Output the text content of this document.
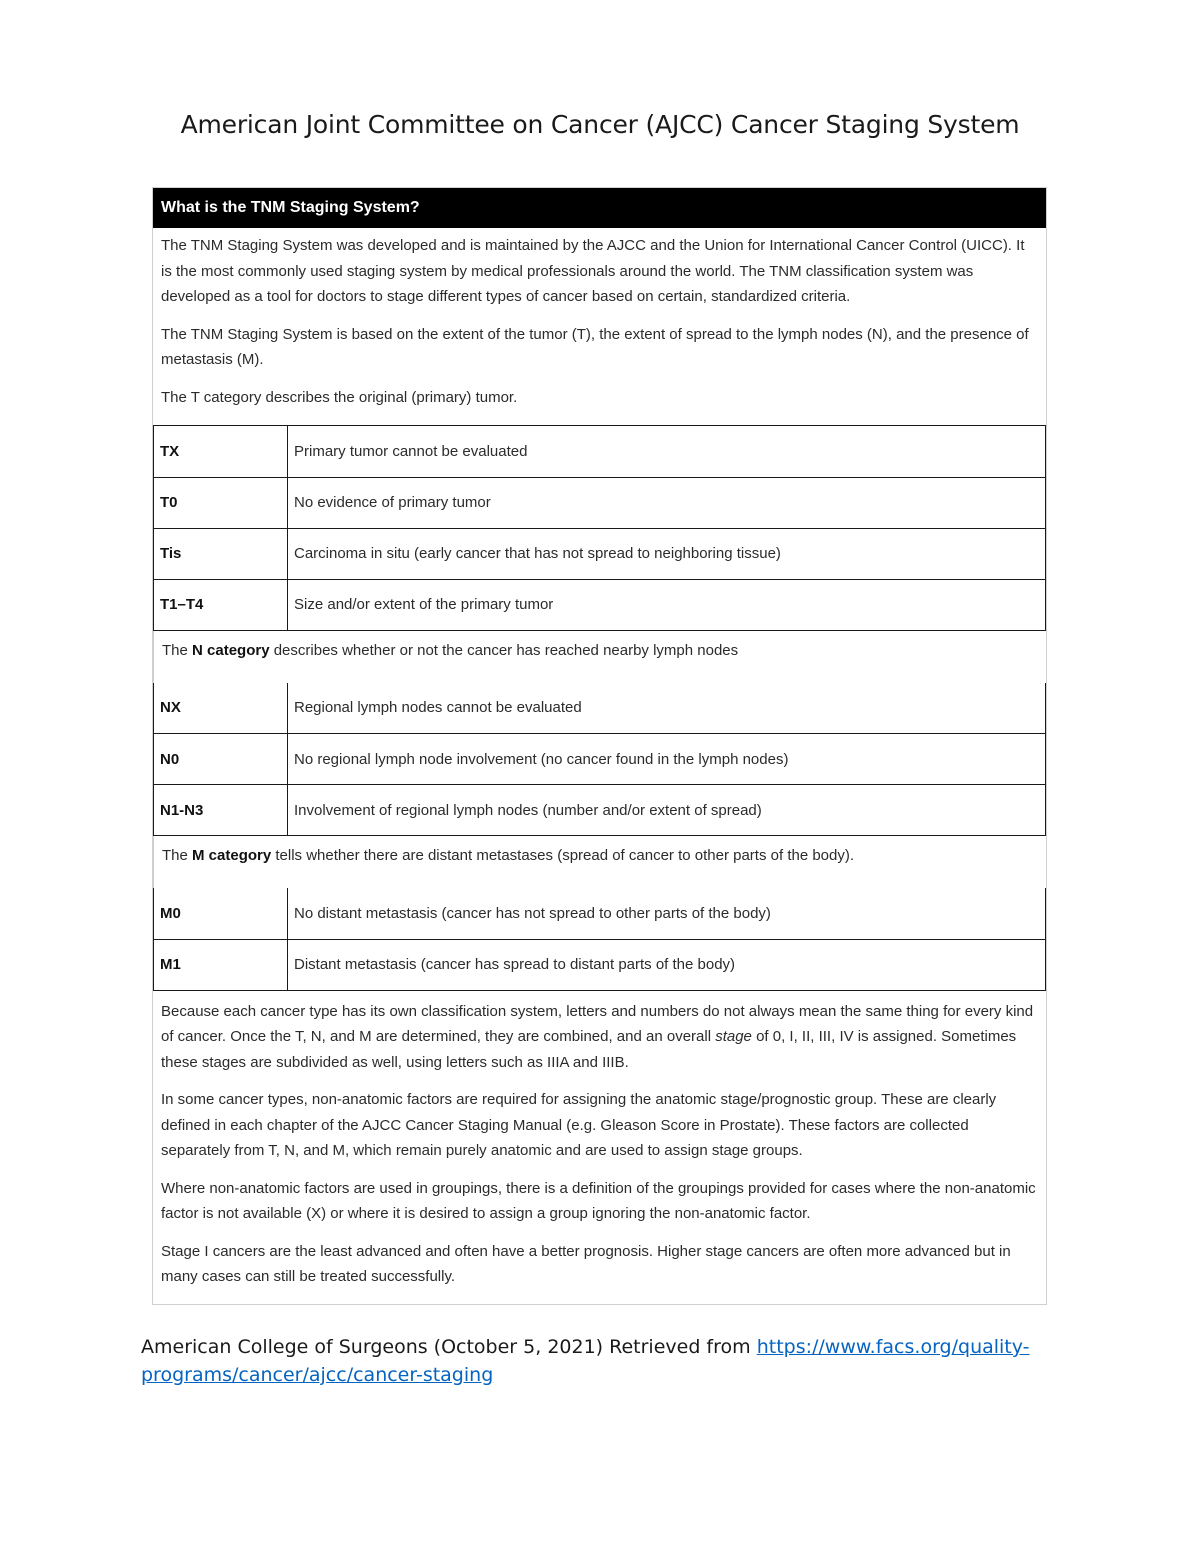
American Joint Committee on Cancer (AJCC) Cancer Staging System
What is the TNM Staging System?

The TNM Staging System was developed and is maintained by the AJCC and the Union for International Cancer Control (UICC). It is the most commonly used staging system by medical professionals around the world. The TNM classification system was developed as a tool for doctors to stage different types of cancer based on certain, standardized criteria.

The TNM Staging System is based on the extent of the tumor (T), the extent of spread to the lymph nodes (N), and the presence of metastasis (M).

The T category describes the original (primary) tumor.

TX	Primary tumor cannot be evaluated
T0	No evidence of primary tumor
Tis	Carcinoma in situ (early cancer that has not spread to neighboring tissue)
T1–T4	Size and/or extent of the primary tumor
The N category describes whether or not the cancer has reached nearby lymph nodes
NX	Regional lymph nodes cannot be evaluated
N0	No regional lymph node involvement (no cancer found in the lymph nodes)
N1-N3	Involvement of regional lymph nodes (number and/or extent of spread)
The M category tells whether there are distant metastases (spread of cancer to other parts of the body).
M0	No distant metastasis (cancer has not spread to other parts of the body)
M1	Distant metastasis (cancer has spread to distant parts of the body)

Because each cancer type has its own classification system, letters and numbers do not always mean the same thing for every kind of cancer. Once the T, N, and M are determined, they are combined, and an overall stage of 0, I, II, III, IV is assigned. Sometimes these stages are subdivided as well, using letters such as IIIA and IIIB.

In some cancer types, non-anatomic factors are required for assigning the anatomic stage/prognostic group. These are clearly defined in each chapter of the AJCC Cancer Staging Manual (e.g. Gleason Score in Prostate). These factors are collected separately from T, N, and M, which remain purely anatomic and are used to assign stage groups.

Where non-anatomic factors are used in groupings, there is a definition of the groupings provided for cases where the non-anatomic factor is not available (X) or where it is desired to assign a group ignoring the non-anatomic factor.

Stage I cancers are the least advanced and often have a better prognosis. Higher stage cancers are often more advanced but in many cases can still be treated successfully.

American College of Surgeons (October 5, 2021) Retrieved from https://www.facs.org/quality-programs/cancer/ajcc/cancer-staging
